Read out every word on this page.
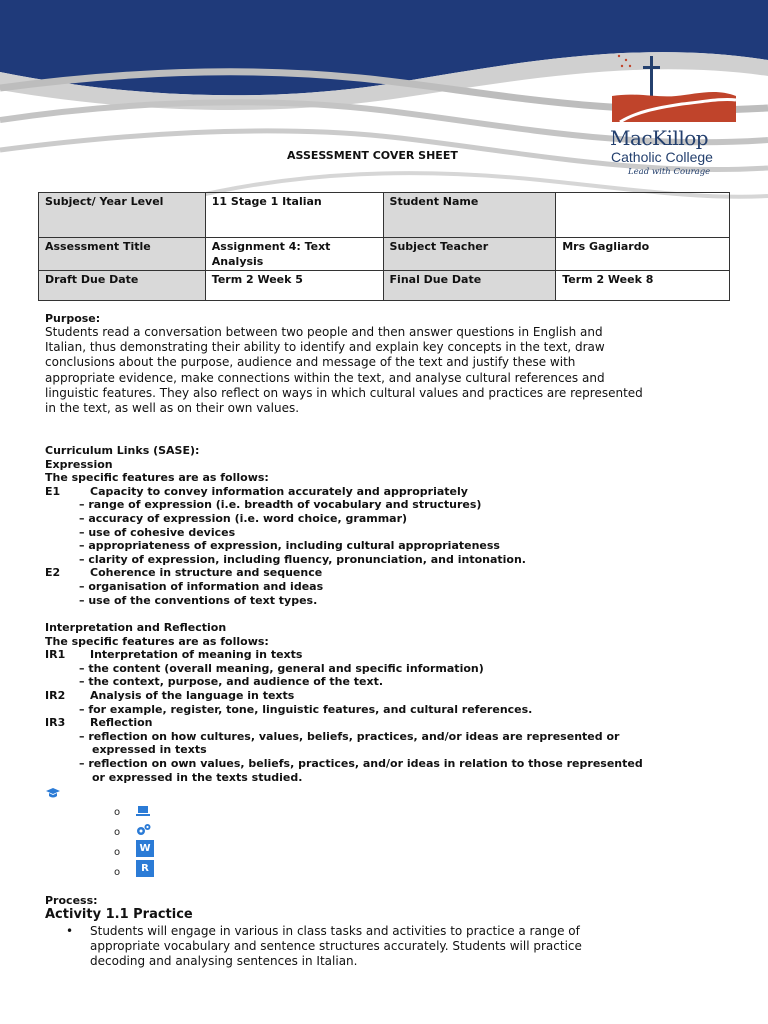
MacKillop
Catholic College
Lead with Courage
ASSESSMENT COVER SHEET
Subject/ Year Level	11 Stage 1 Italian	Student Name	
Assessment Title	Assignment 4: Text Analysis	Subject Teacher	Mrs Gagliardo
Draft Due Date	Term 2 Week 5	Final Due Date	Term 2 Week 8
Purpose:
Students read a conversation between two people and then answer questions in English and Italian, thus demonstrating their ability to identify and explain key concepts in the text, draw conclusions about the purpose, audience and message of the text and justify these with appropriate evidence, make connections within the text, and analyse cultural references and linguistic features. They also reflect on ways in which cultural values and practices are represented in the text, as well as on their own values.
Curriculum Links (SASE):
Expression
The specific features are as follows:
E1	Capacity to convey information accurately and appropriately
– range of expression (i.e. breadth of vocabulary and structures)
– accuracy of expression (i.e. word choice, grammar)
– use of cohesive devices
– appropriateness of expression, including cultural appropriateness
– clarity of expression, including fluency, pronunciation, and intonation.
E2	Coherence in structure and sequence
– organisation of information and ideas
– use of the conventions of text types.
Interpretation and Reflection
The specific features are as follows:
IR1 Interpretation of meaning in texts
– the content (overall meaning, general and specific information)
– the context, purpose, and audience of the text.
IR2 Analysis of the language in texts
– for example, register, tone, linguistic features, and cultural references.
IR3 Reflection
– reflection on how cultures, values, beliefs, practices, and/or ideas are represented or
expressed in texts
– reflection on own values, beliefs, practices, and/or ideas in relation to those represented
or expressed in the texts studied.
o
o
o	W
o	R
Process:
Activity 1.1 Practice
• Students will engage in various in class tasks and activities to practice a range of appropriate vocabulary and sentence structures accurately. Students will practice decoding and analysing sentences in Italian.
